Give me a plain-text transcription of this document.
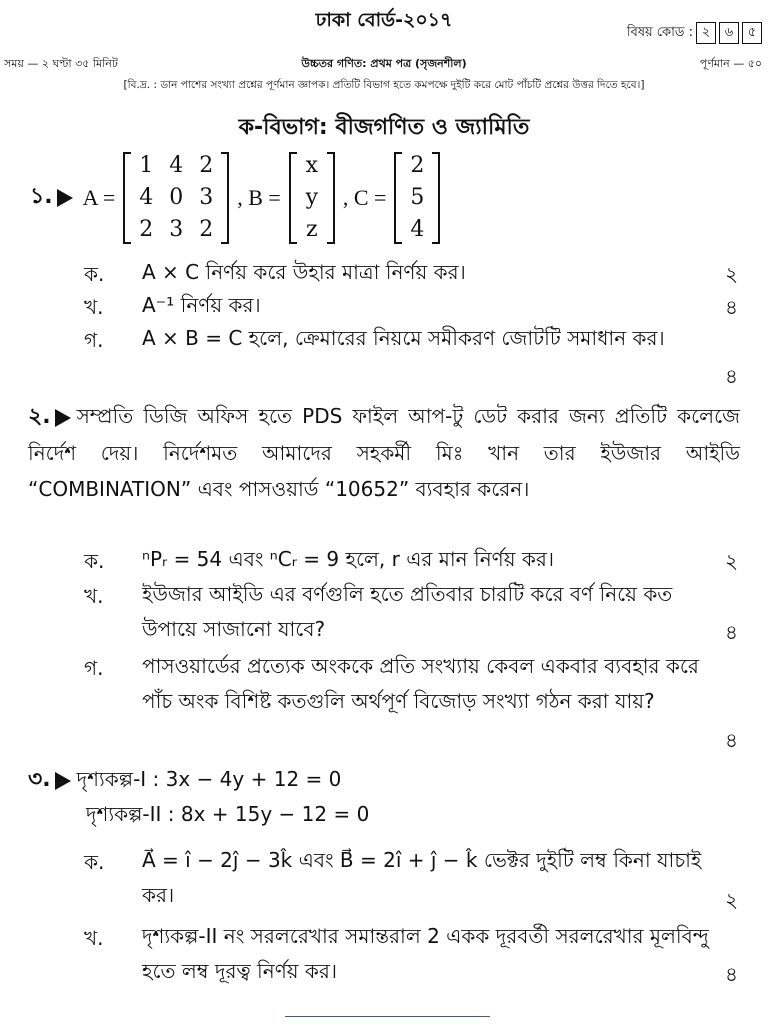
ঢাকা বোর্ড-২০১৭
বিষয় কোড : ২	৬	৫
সময় — ২ ঘণ্টা ৩৫ মিনিট	উচ্চতর গণিত: প্রথম পত্র (সৃজনশীল)	পূর্ণমান — ৫০
[বি.দ্র. : ডান পাশের সংখ্যা প্রশ্নের পূর্ণমান জ্ঞাপক। প্রতিটি বিভাগ হতে কমপক্ষে দুইটি করে মোট পাঁচটি প্রশ্নের উত্তর দিতে হবে।]
ক-বিভাগ: বীজগণিত ও জ্যামিতি
১. A =
1 4 2
4 0 3
2 3 2
, B =
x
y
z
, C =
2
5
4
ক. A × C নির্ণয় করে উহার মাত্রা নির্ণয় কর।	২
খ. A⁻¹ নির্ণয় কর।	৪
গ. A × B = C হলে, ক্রেমারের নিয়মে সমীকরণ জোটটি সমাধান কর।
৪
২. সম্প্রতি ডিজি অফিস হতে PDS ফাইল আপ-টু ডেট করার জন্য প্রতিটি কলেজে নির্দেশ দেয়। নির্দেশমত আমাদের সহকর্মী মিঃ খান তার ইউজার আইডি “COMBINATION” এবং পাসওয়ার্ড “10652” ব্যবহার করেন।
ক. ⁿPᵣ = 54 এবং ⁿCᵣ = 9 হলে, r এর মান নির্ণয় কর।	২
খ. ইউজার আইডি এর বর্ণগুলি হতে প্রতিবার চারটি করে বর্ণ নিয়ে কত উপায়ে সাজানো যাবে?	৪
গ. পাসওয়ার্ডের প্রত্যেক অংককে প্রতি সংখ্যায় কেবল একবার ব্যবহার করে পাঁচ অংক বিশিষ্ট কতগুলি অর্থপূর্ণ বিজোড় সংখ্যা গঠন করা যায়?
৪
৩. দৃশ্যকল্প-I : 3x − 4y + 12 = 0
দৃশ্যকল্প-II : 8x + 15y − 12 = 0
ক. A⃗ = î − 2ĵ − 3k̂ এবং B⃗ = 2î + ĵ − k̂ ভেক্টর দুইটি লম্ব কিনা যাচাই কর।	২
খ. দৃশ্যকল্প-II নং সরলরেখার সমান্তরাল 2 একক দূরবর্তী সরলরেখার মূলবিন্দু হতে লম্ব দূরত্ব নির্ণয় কর।	৪
